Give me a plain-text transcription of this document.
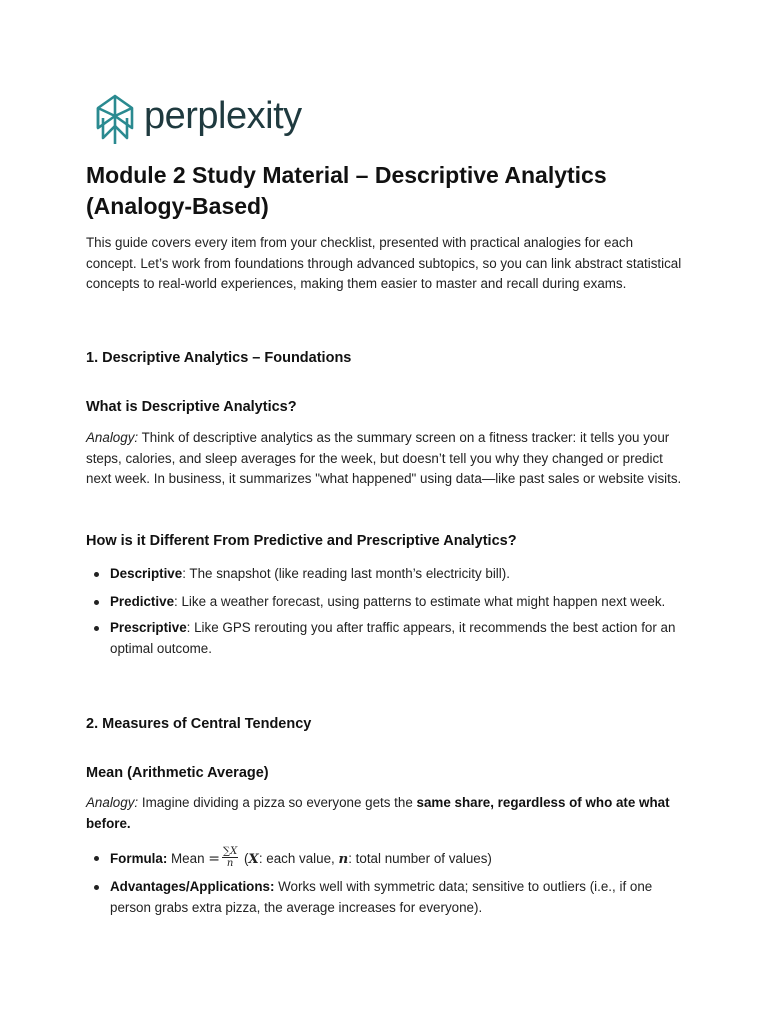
perplexity
Module 2 Study Material – Descriptive Analytics (Analogy-Based)

This guide covers every item from your checklist, presented with practical analogies for each concept. Let’s work from foundations through advanced subtopics, so you can link abstract statistical concepts to real-world experiences, making them easier to master and recall during exams.

1. Descriptive Analytics – Foundations
What is Descriptive Analytics?

Analogy: Think of descriptive analytics as the summary screen on a fitness tracker: it tells you your steps, calories, and sleep averages for the week, but doesn’t tell you why they changed or predict next week. In business, it summarizes "what happened" using data—like past sales or website visits.

How is it Different From Predictive and Prescriptive Analytics?
Descriptive: The snapshot (like reading last month’s electricity bill).
Predictive: Like a weather forecast, using patterns to estimate what might happen next week.
Prescriptive: Like GPS rerouting you after traffic appears, it recommends the best action for an optimal outcome.
2. Measures of Central Tendency
Mean (Arithmetic Average)

Analogy: Imagine dividing a pizza so everyone gets the same share, regardless of who ate what before.

Formula: Mean = $\frac{\sum X}{n} (X$: each value, n: total number of values)
Advantages/Applications: Works well with symmetric data; sensitive to outliers (i.e., if one person grabs extra pizza, the average increases for everyone).
